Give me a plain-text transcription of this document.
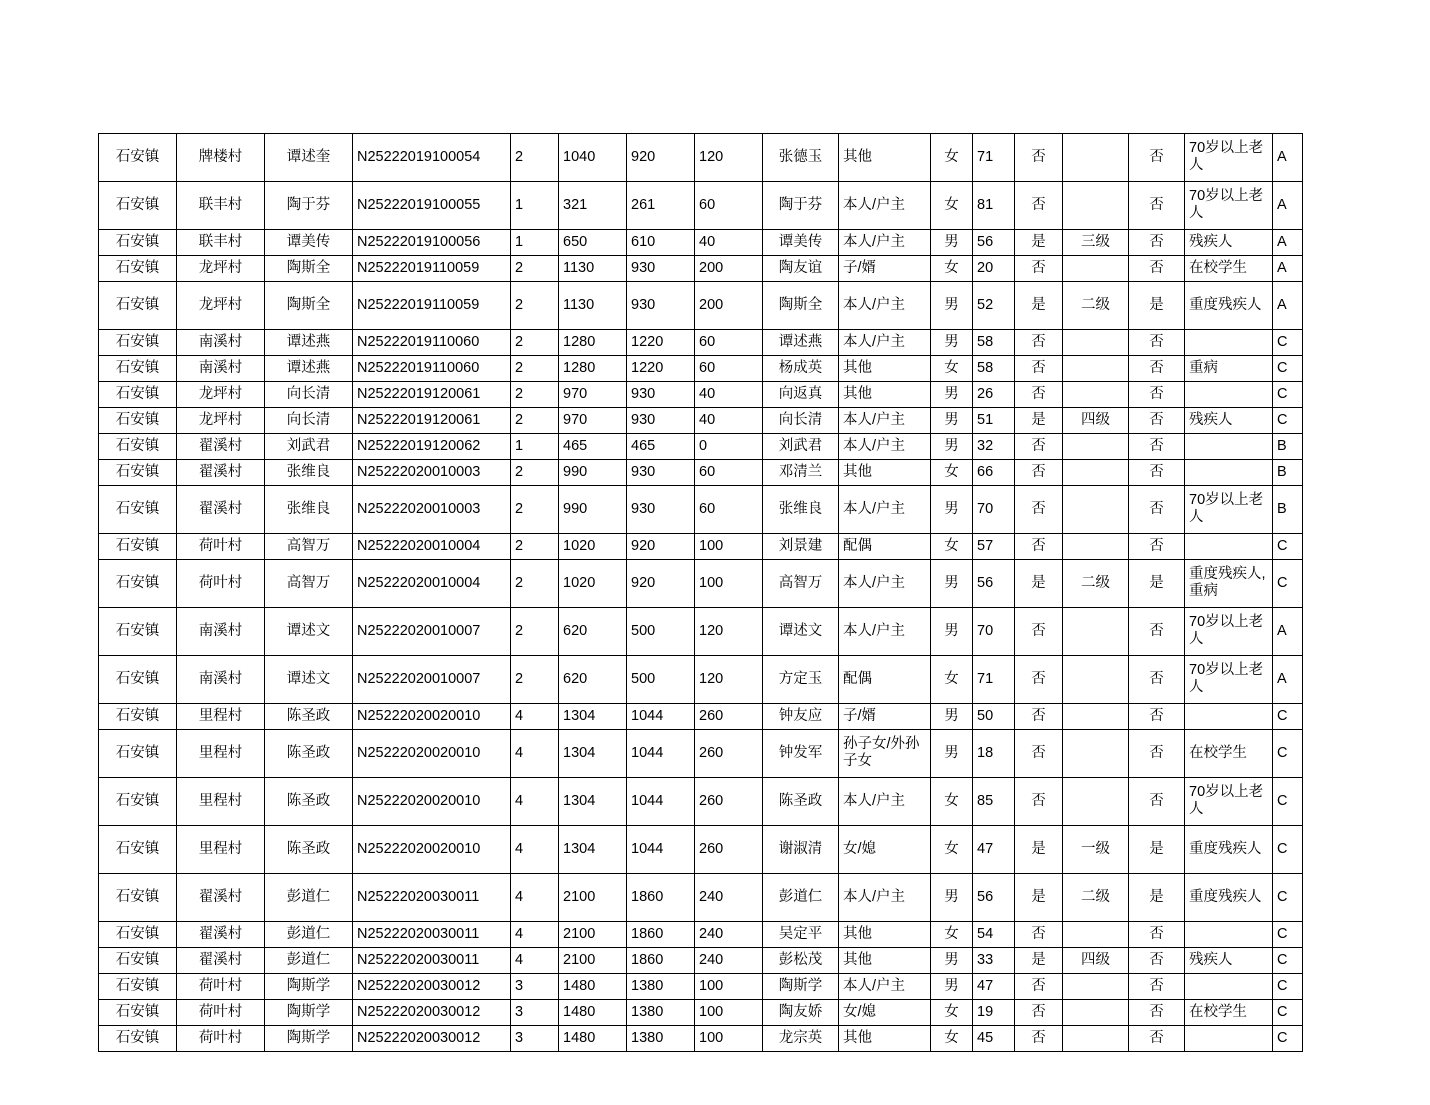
石安镇	牌楼村	谭述奎	N25222019100054	2	1040	920	120	张德玉	其他	女	71	否		否	70岁以上老人	A
石安镇	联丰村	陶于芬	N25222019100055	1	321	261	60	陶于芬	本人/户主	女	81	否		否	70岁以上老人	A
石安镇	联丰村	谭美传	N25222019100056	1	650	610	40	谭美传	本人/户主	男	56	是	三级	否	残疾人	A
石安镇	龙坪村	陶斯全	N25222019110059	2	1130	930	200	陶友谊	子/婿	女	20	否		否	在校学生	A
石安镇	龙坪村	陶斯全	N25222019110059	2	1130	930	200	陶斯全	本人/户主	男	52	是	二级	是	重度残疾人	A
石安镇	南溪村	谭述燕	N25222019110060	2	1280	1220	60	谭述燕	本人/户主	男	58	否		否		C
石安镇	南溪村	谭述燕	N25222019110060	2	1280	1220	60	杨成英	其他	女	58	否		否	重病	C
石安镇	龙坪村	向长清	N25222019120061	2	970	930	40	向返真	其他	男	26	否		否		C
石安镇	龙坪村	向长清	N25222019120061	2	970	930	40	向长清	本人/户主	男	51	是	四级	否	残疾人	C
石安镇	翟溪村	刘武君	N25222019120062	1	465	465	0	刘武君	本人/户主	男	32	否		否		B
石安镇	翟溪村	张维良	N25222020010003	2	990	930	60	邓清兰	其他	女	66	否		否		B
石安镇	翟溪村	张维良	N25222020010003	2	990	930	60	张维良	本人/户主	男	70	否		否	70岁以上老人	B
石安镇	荷叶村	高智万	N25222020010004	2	1020	920	100	刘景建	配偶	女	57	否		否		C
石安镇	荷叶村	高智万	N25222020010004	2	1020	920	100	高智万	本人/户主	男	56	是	二级	是	重度残疾人,重病	C
石安镇	南溪村	谭述文	N25222020010007	2	620	500	120	谭述文	本人/户主	男	70	否		否	70岁以上老人	A
石安镇	南溪村	谭述文	N25222020010007	2	620	500	120	方定玉	配偶	女	71	否		否	70岁以上老人	A
石安镇	里程村	陈圣政	N25222020020010	4	1304	1044	260	钟友应	子/婿	男	50	否		否		C
石安镇	里程村	陈圣政	N25222020020010	4	1304	1044	260	钟发军	孙子女/外孙子女	男	18	否		否	在校学生	C
石安镇	里程村	陈圣政	N25222020020010	4	1304	1044	260	陈圣政	本人/户主	女	85	否		否	70岁以上老人	C
石安镇	里程村	陈圣政	N25222020020010	4	1304	1044	260	谢淑清	女/媳	女	47	是	一级	是	重度残疾人	C
石安镇	翟溪村	彭道仁	N25222020030011	4	2100	1860	240	彭道仁	本人/户主	男	56	是	二级	是	重度残疾人	C
石安镇	翟溪村	彭道仁	N25222020030011	4	2100	1860	240	吴定平	其他	女	54	否		否		C
石安镇	翟溪村	彭道仁	N25222020030011	4	2100	1860	240	彭松茂	其他	男	33	是	四级	否	残疾人	C
石安镇	荷叶村	陶斯学	N25222020030012	3	1480	1380	100	陶斯学	本人/户主	男	47	否		否		C
石安镇	荷叶村	陶斯学	N25222020030012	3	1480	1380	100	陶友娇	女/媳	女	19	否		否	在校学生	C
石安镇	荷叶村	陶斯学	N25222020030012	3	1480	1380	100	龙宗英	其他	女	45	否		否		C
